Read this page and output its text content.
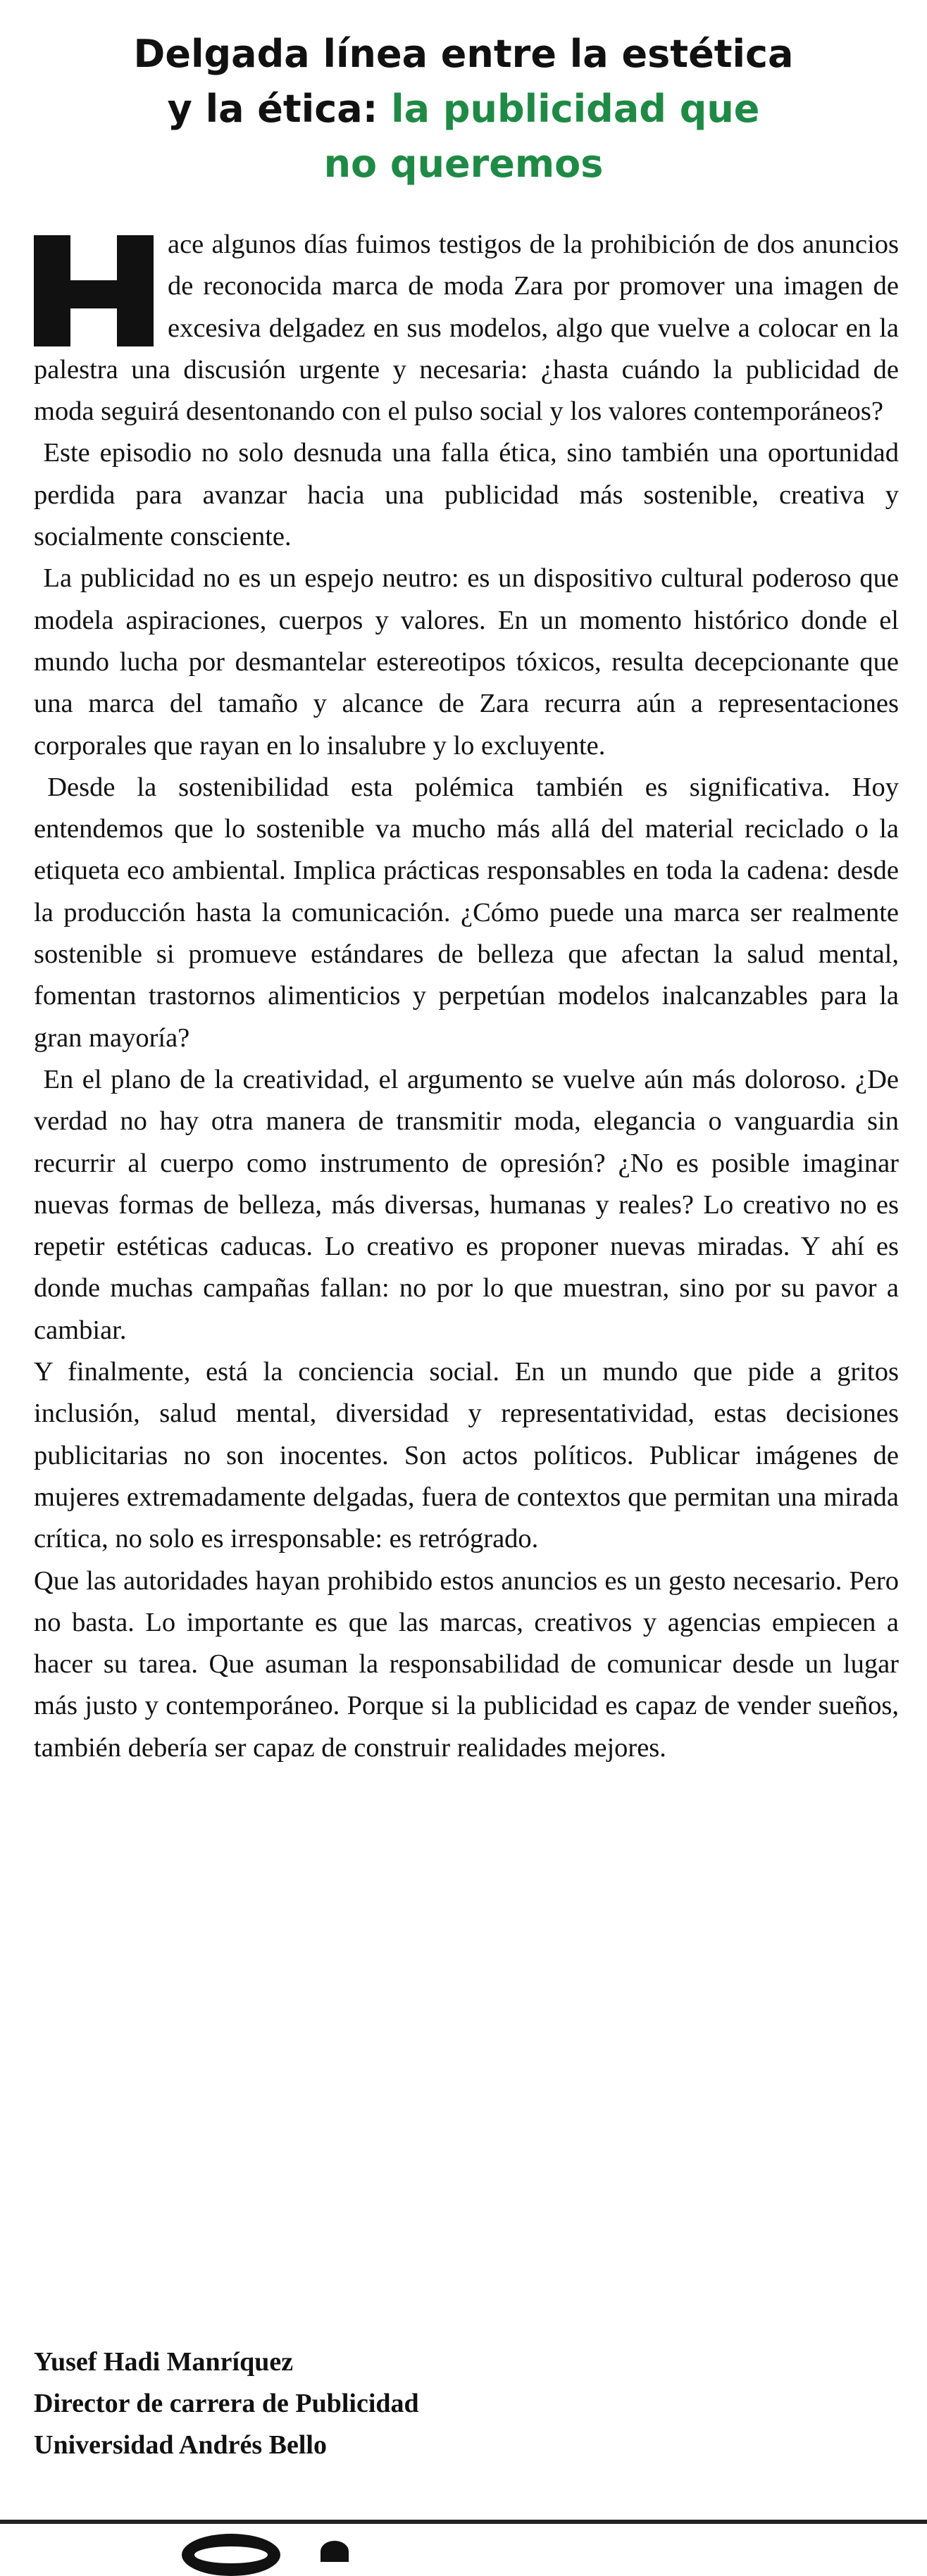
Delgada línea entre la estética
y la ética: la publicidad que
no queremos

ace algunos días fuimos testigos de la prohibición de dos anuncios de reconocida marca de moda Zara por promover una imagen de excesiva delgadez en sus modelos, algo que vuelve a colocar en la palestra una discusión urgente y necesaria: ¿hasta cuándo la publicidad de moda seguirá desentonando con el pulso social y los valores contemporáneos?

Este episodio no solo desnuda una falla ética, sino también una oportunidad perdida para avanzar hacia una publicidad más sostenible, creativa y socialmente consciente.

La publicidad no es un espejo neutro: es un dispositivo cultural poderoso que modela aspiraciones, cuerpos y valores. En un momento histórico donde el mundo lucha por desmantelar estereotipos tóxicos, resulta decepcionante que una marca del tamaño y alcance de Zara recurra aún a representaciones corporales que rayan en lo insalubre y lo excluyente.

Desde la sostenibilidad esta polémica también es significativa. Hoy entendemos que lo sostenible va mucho más allá del material reciclado o la etiqueta eco ambiental. Implica prácticas responsables en toda la cadena: desde la producción hasta la comunicación. ¿Cómo puede una marca ser realmente sostenible si promueve estándares de belleza que afectan la salud mental, fomentan trastornos alimenticios y perpetúan modelos inalcanzables para la gran mayoría?

En el plano de la creatividad, el argumento se vuelve aún más doloroso. ¿De verdad no hay otra manera de transmitir moda, elegancia o vanguardia sin recurrir al cuerpo como instrumento de opresión? ¿No es posible imaginar nuevas formas de belleza, más diversas, humanas y reales? Lo creativo no es repetir estéticas caducas. Lo creativo es proponer nuevas miradas. Y ahí es donde muchas campañas fallan: no por lo que muestran, sino por su pavor a cambiar.

Y finalmente, está la conciencia social. En un mundo que pide a gritos inclusión, salud mental, diversidad y representatividad, estas decisiones publicitarias no son inocentes. Son actos políticos. Publicar imágenes de mujeres extremadamente delgadas, fuera de contextos que permitan una mirada crítica, no solo es irresponsable: es retrógrado.

Que las autoridades hayan prohibido estos anuncios es un gesto necesario. Pero no basta. Lo importante es que las marcas, creativos y agencias empiecen a hacer su tarea. Que asuman la responsabilidad de comunicar desde un lugar más justo y contemporáneo. Porque si la publicidad es capaz de vender sueños, también debería ser capaz de construir realidades mejores.

Yusef Hadi Manríquez
Director de carrera de Publicidad
Universidad Andrés Bello
